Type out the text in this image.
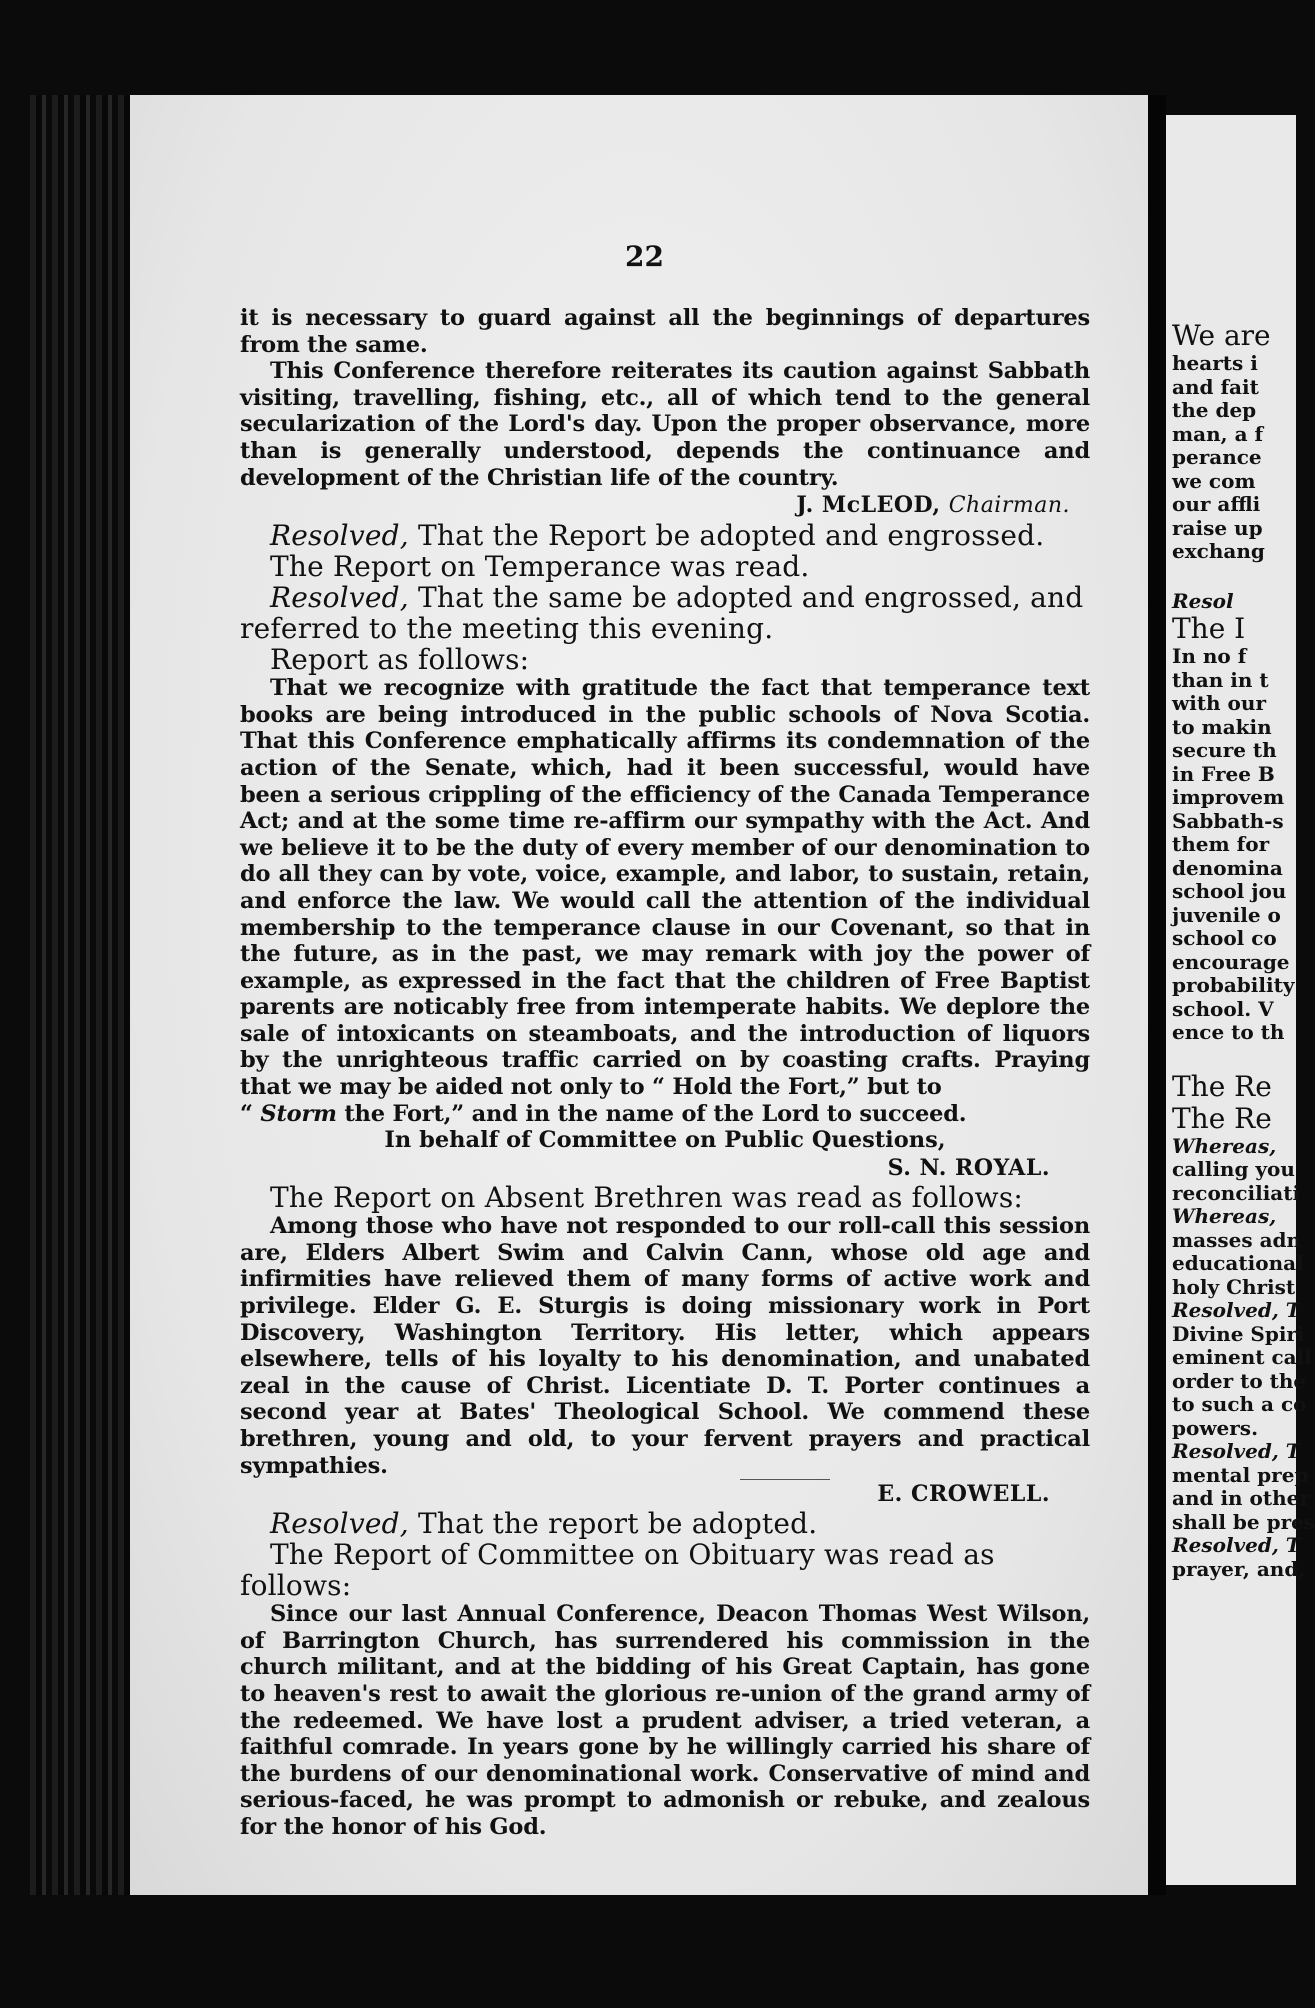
22

it is necessary to guard against all the beginnings of departures from the same.

This Conference therefore reiterates its caution against Sabbath visiting, travelling, fishing, etc., all of which tend to the general secularization of the Lord's day. Upon the proper observance, more than is generally understood, depends the continuance and development of the Christian life of the country.

J. McLEOD, Chairman.

Resolved, That the Report be adopted and engrossed.

The Report on Temperance was read.

Resolved, That the same be adopted and engrossed, and referred to the meeting this evening.

Report as follows:

That we recognize with gratitude the fact that temperance text books are being introduced in the public schools of Nova Scotia. That this Conference emphatically affirms its condemnation of the action of the Senate, which, had it been successful, would have been a serious crippling of the efficiency of the Canada Temperance Act; and at the some time re-affirm our sympathy with the Act. And we believe it to be the duty of every member of our denomination to do all they can by vote, voice, example, and labor, to sustain, retain, and enforce the law. We would call the attention of the individual membership to the temperance clause in our Covenant, so that in the future, as in the past, we may remark with joy the power of example, as expressed in the fact that the children of Free Baptist parents are noticably free from intemperate habits. We deplore the sale of intoxicants on steamboats, and the introduction of liquors by the unrighteous traffic carried on by coasting crafts. Praying that we may be aided not only to “ Hold the Fort,” but to

“ Storm the Fort,” and in the name of the Lord to succeed.

In behalf of Committee on Public Questions,

S. N. ROYAL.

The Report on Absent Brethren was read as follows:

Among those who have not responded to our roll-call this session are, Elders Albert Swim and Calvin Cann, whose old age and infirmities have relieved them of many forms of active work and privilege. Elder G. E. Sturgis is doing missionary work in Port Discovery, Washington Territory. His letter, which appears elsewhere, tells of his loyalty to his denomination, and unabated zeal in the cause of Christ. Licentiate D. T. Porter continues a second year at Bates' Theological School. We commend these brethren, young and old, to your fervent prayers and practical sympathies.

E. CROWELL.

Resolved, That the report be adopted.

The Report of Committee on Obituary was read as follows:

Since our last Annual Conference, Deacon Thomas West Wilson, of Barrington Church, has surrendered his commission in the church militant, and at the bidding of his Great Captain, has gone to heaven's rest to await the glorious re-union of the grand army of the redeemed. We have lost a prudent adviser, a tried veteran, a faithful comrade. In years gone by he willingly carried his share of the burdens of our denominational work. Conservative of mind and serious-faced, he was prompt to admonish or rebuke, and zealous for the honor of his God.

We are
hearts i
and fait
the dep
man, a f
perance
we com
our affli
raise up
exchang
Resol
The I
In no f
than in t
with our
to makin
secure th
in Free B
improvem
Sabbath-s
them for
denomina
school jou
juvenile o
school co
encourage
probability
school. V
ence to th
The Re
The Re
Whereas,
calling you
reconciliati
Whereas,
masses adn
educational
holy Christ
Resolved, T
Divine Spiri
eminent call
order to the
to such a co
powers.
Resolved, T
mental prep
and in other
shall be pres
Resolved, T
prayer, and,
